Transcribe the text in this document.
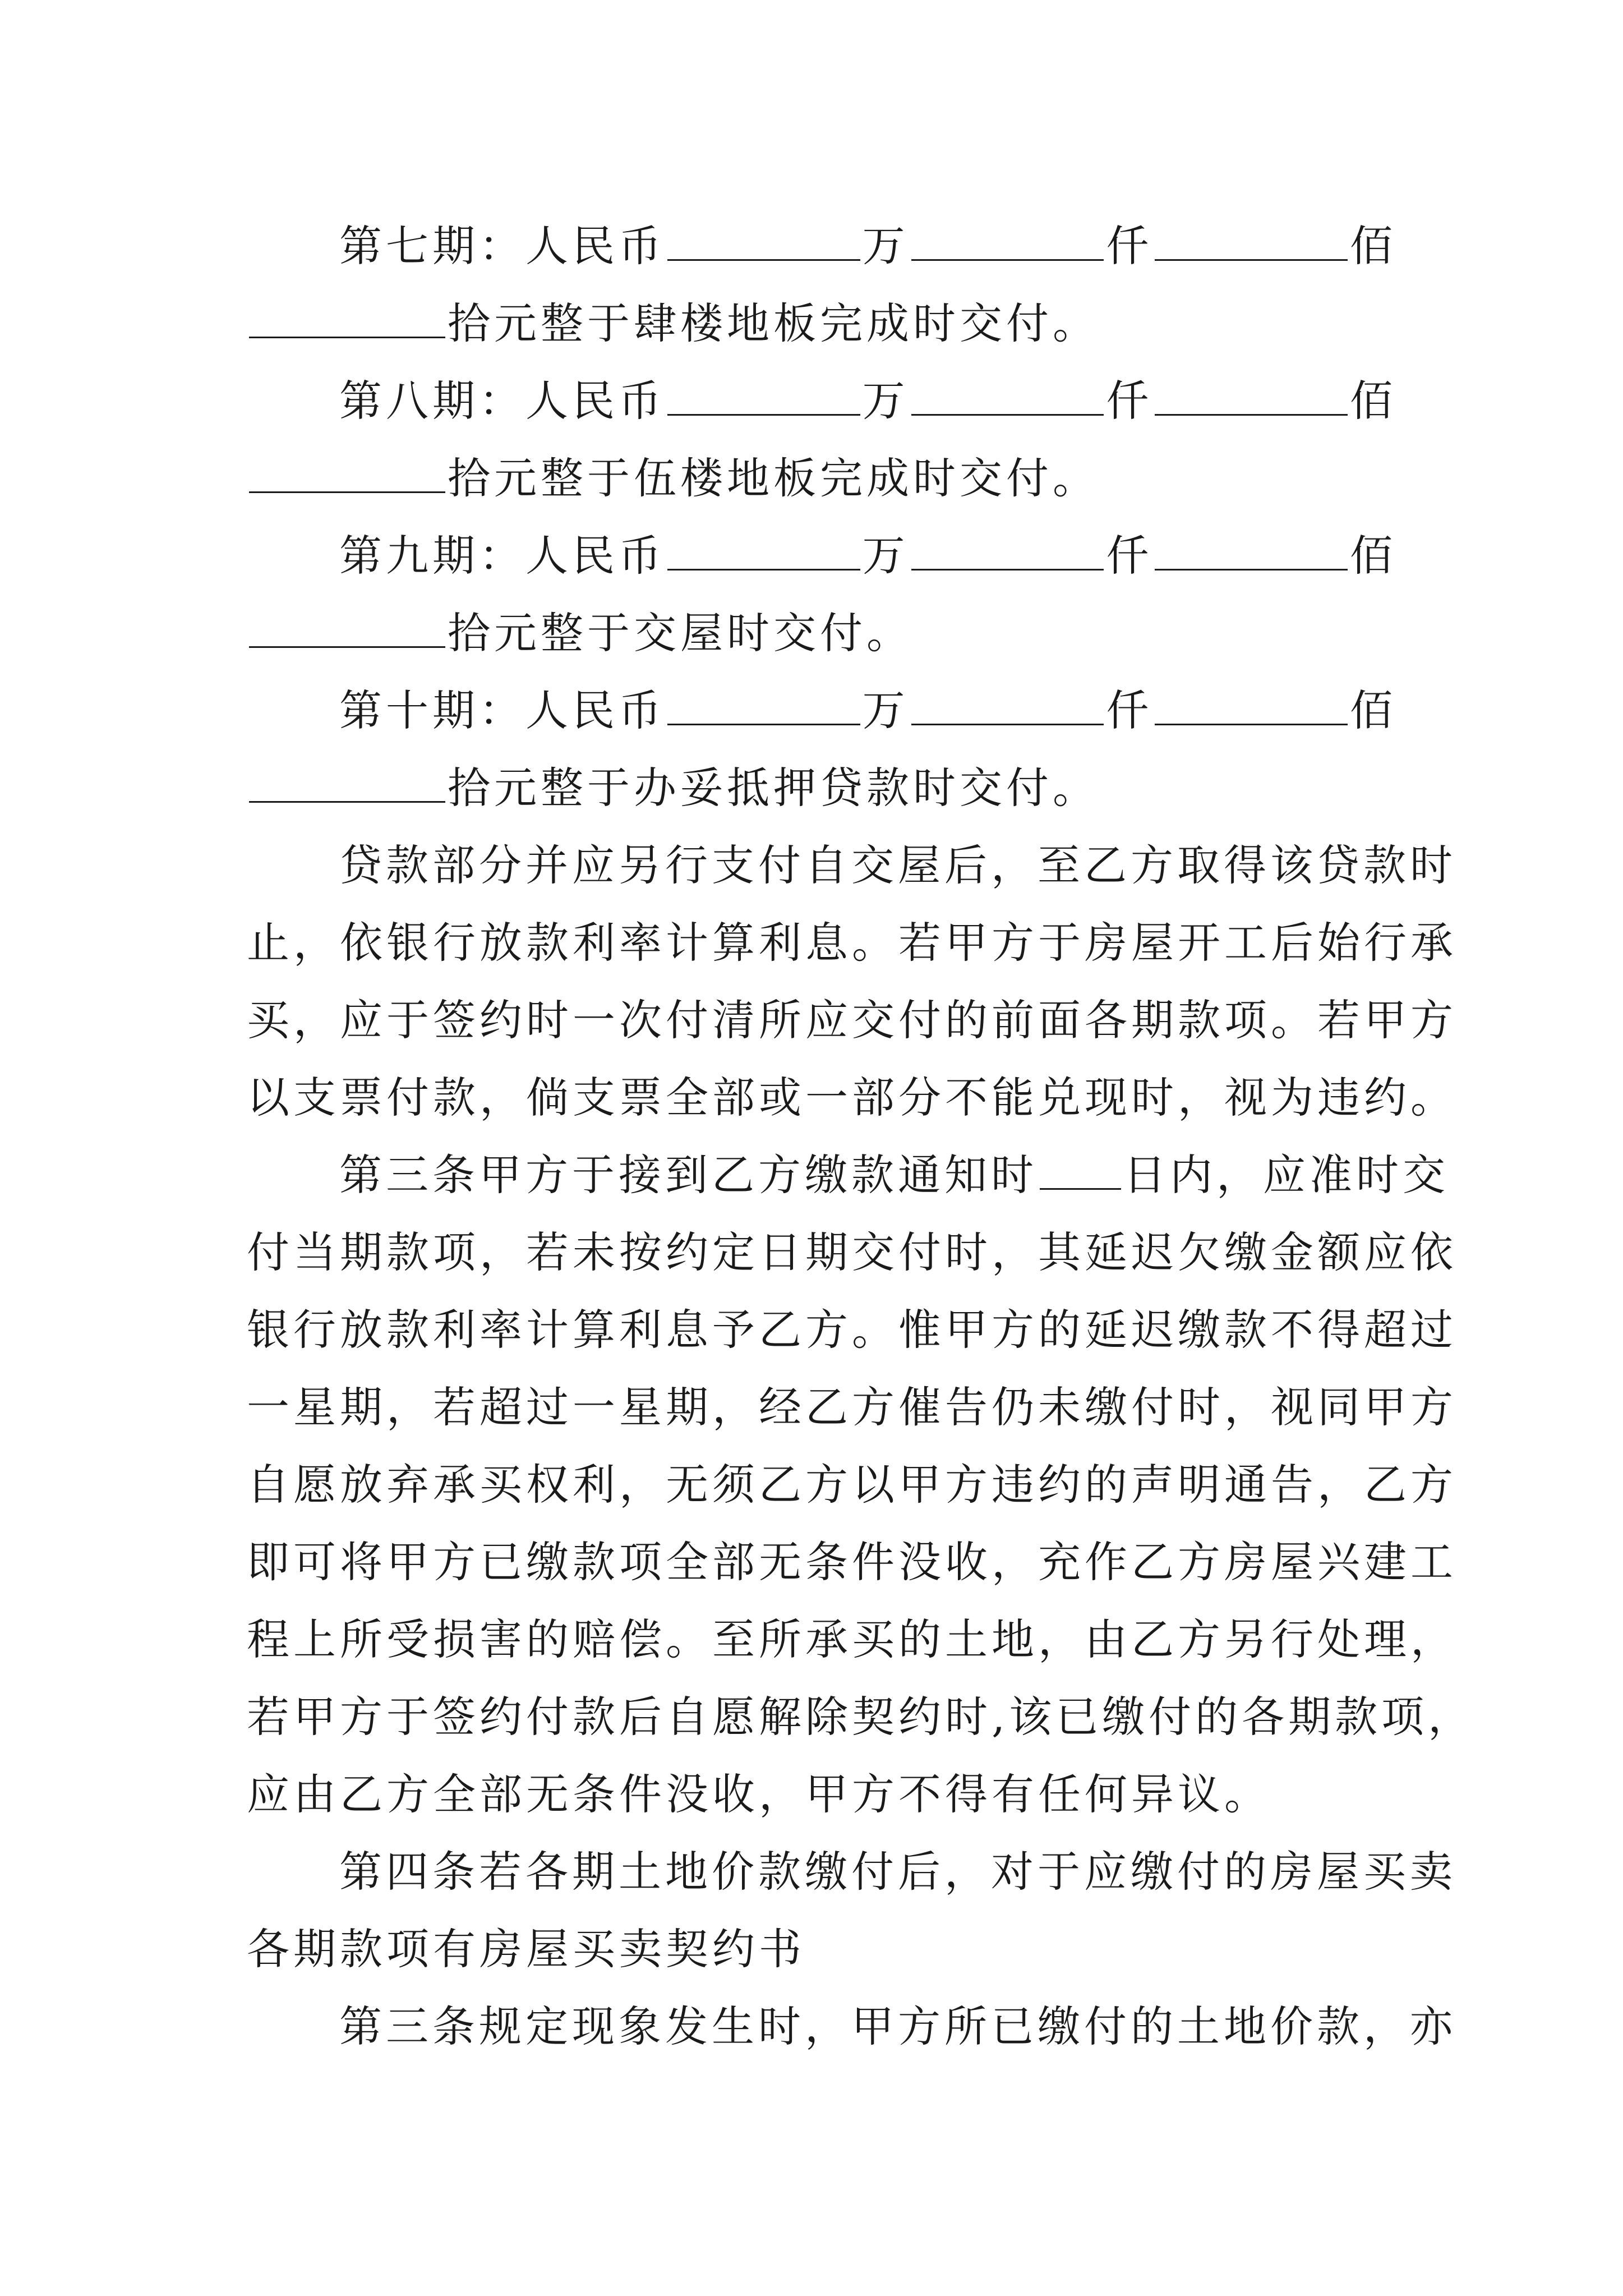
第七期：人民币	万	仟	佰
拾元整于肆楼地板完成时交付。
第八期：人民币	万	仟	佰
拾元整于伍楼地板完成时交付。
第九期：人民币	万	仟	佰
拾元整于交屋时交付。
第十期：人民币	万	仟	佰
拾元整于办妥抵押贷款时交付。
贷款部分并应另行支付自交屋后，至乙方取得该贷款时
止，依银行放款利率计算利息。若甲方于房屋开工后始行承
买，应于签约时一次付清所应交付的前面各期款项。若甲方
以支票付款，倘支票全部或一部分不能兑现时，视为违约。
第三条甲方于接到乙方缴款通知时 日内，应准时交
付当期款项，若未按约定日期交付时，其延迟欠缴金额应依
银行放款利率计算利息予乙方。惟甲方的延迟缴款不得超过
一星期，若超过一星期，经乙方催告仍未缴付时，视同甲方
自愿放弃承买权利，无须乙方以甲方违约的声明通告，乙方
即可将甲方已缴款项全部无条件没收，充作乙方房屋兴建工
程上所受损害的赔偿。至所承买的土地，由乙方另行处理，
若甲方于签约付款后自愿解除契约时,该已缴付的各期款项，
应由乙方全部无条件没收，甲方不得有任何异议。
第四条若各期土地价款缴付后，对于应缴付的房屋买卖
各期款项有房屋买卖契约书
第三条规定现象发生时，甲方所已缴付的土地价款，亦
